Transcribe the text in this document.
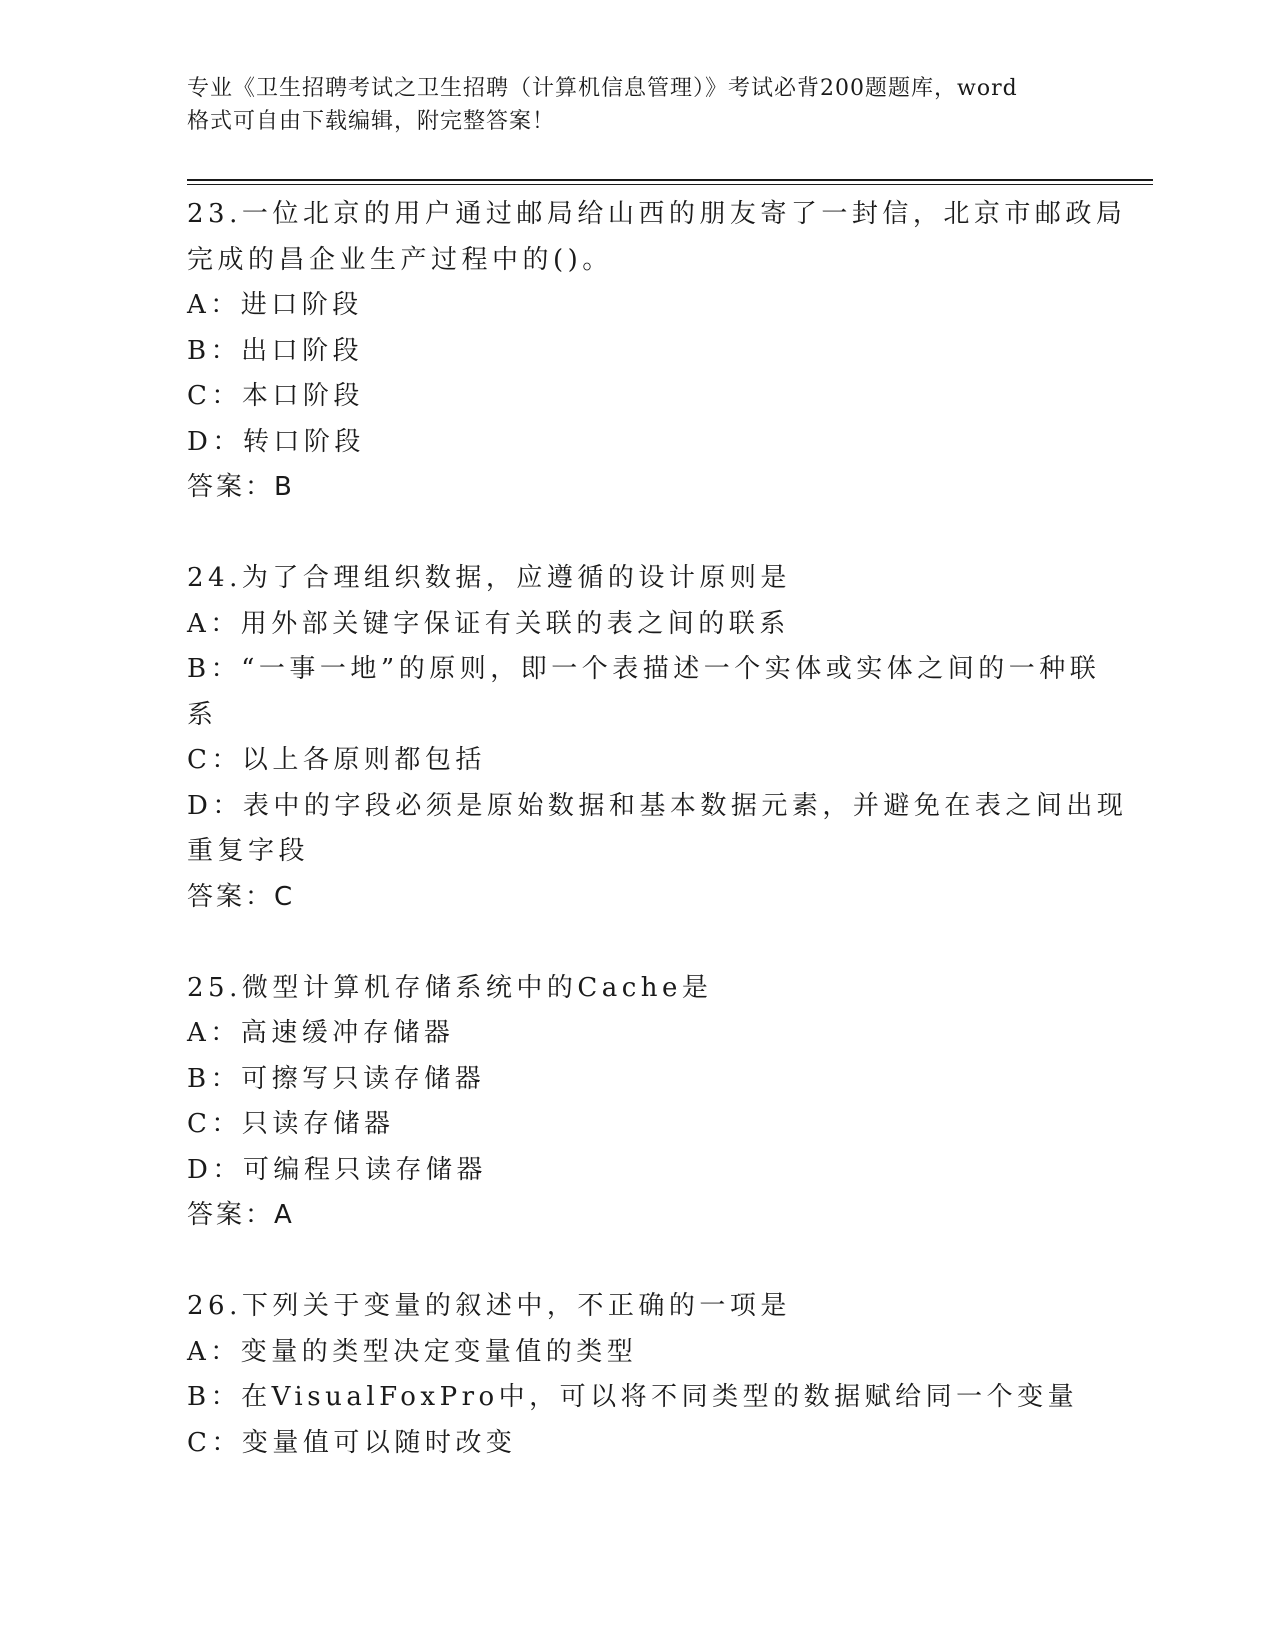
专业《卫生招聘考试之卫生招聘（计算机信息管理）》考试必背200题题库，word
格式可自由下载编辑，附完整答案！
23.一位北京的用户通过邮局给山西的朋友寄了一封信，北京市邮政局
完成的昌企业生产过程中的()。
A：进口阶段
B：出口阶段
C：本口阶段
D：转口阶段
答案：B
24.为了合理组织数据，应遵循的设计原则是
A：用外部关键字保证有关联的表之间的联系
B：“一事一地”的原则，即一个表描述一个实体或实体之间的一种联
系
C：以上各原则都包括
D：表中的字段必须是原始数据和基本数据元素，并避免在表之间出现
重复字段
答案：C
25.微型计算机存储系统中的Cache是
A：高速缓冲存储器
B：可擦写只读存储器
C：只读存储器
D：可编程只读存储器
答案：A
26.下列关于变量的叙述中，不正确的一项是
A：变量的类型决定变量值的类型
B：在VisualFoxPro中，可以将不同类型的数据赋给同一个变量
C：变量值可以随时改变
